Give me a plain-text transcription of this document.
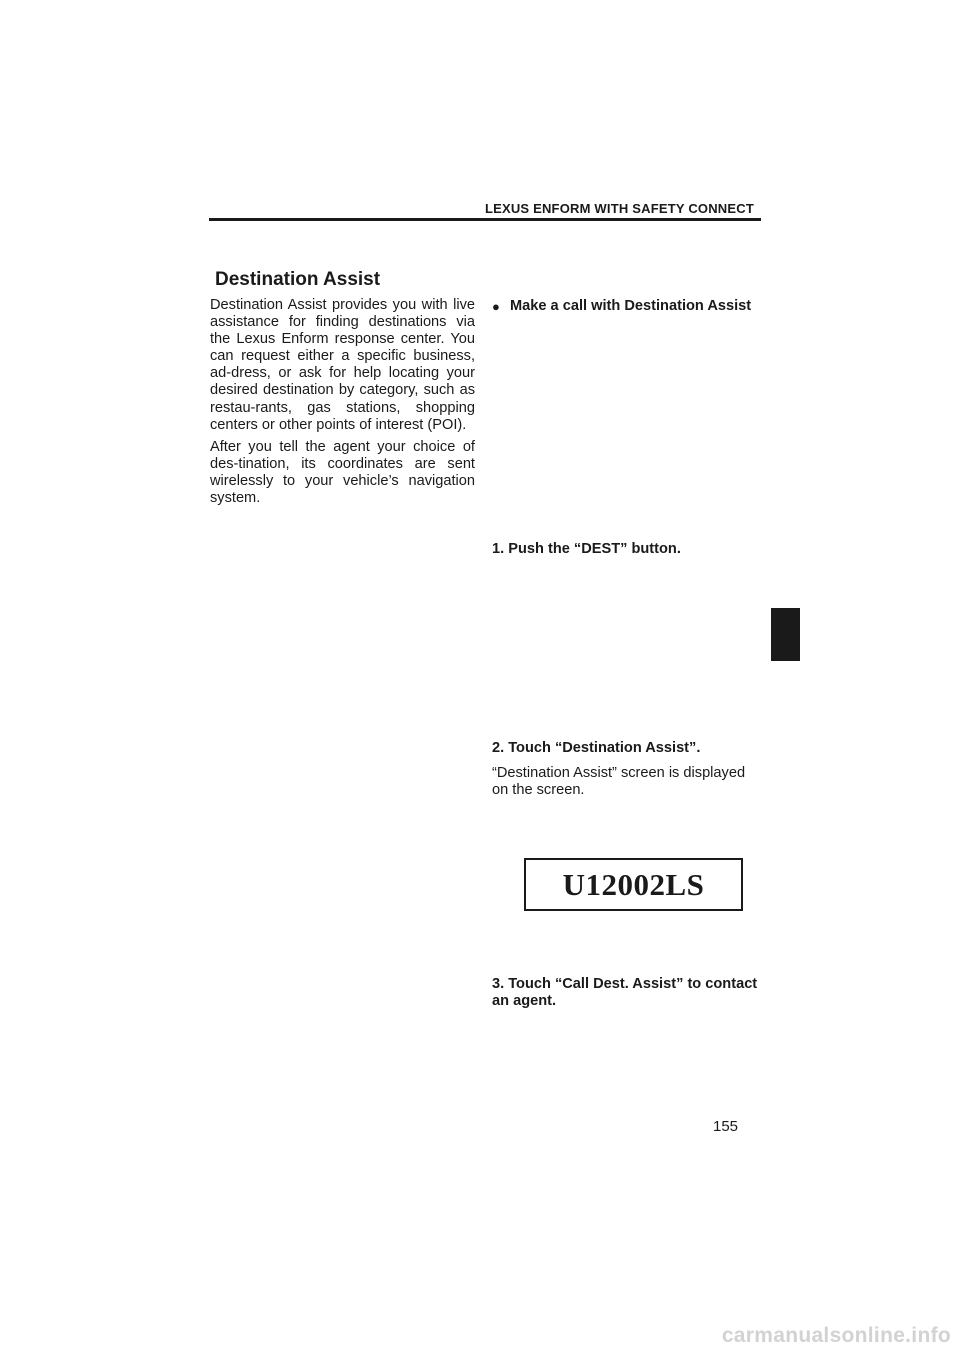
LEXUS ENFORM WITH SAFETY CONNECT
Destination Assist

Destination Assist provides you with live assistance for finding destinations via the Lexus Enform response center. You can request either a specific business, ad-dress, or ask for help locating your desired destination by category, such as restau-rants, gas stations, shopping centers or other points of interest (POI).

After you tell the agent your choice of des-tination, its coordinates are sent wirelessly to your vehicle’s navigation system.

● Make a call with Destination Assist
1. Push the “DEST” button.
2. Touch “Destination Assist”.
“Destination Assist” screen is displayed on the screen.
U12002LS
3. Touch “Call Dest. Assist” to contact an agent.
155
carmanualsonline.info
